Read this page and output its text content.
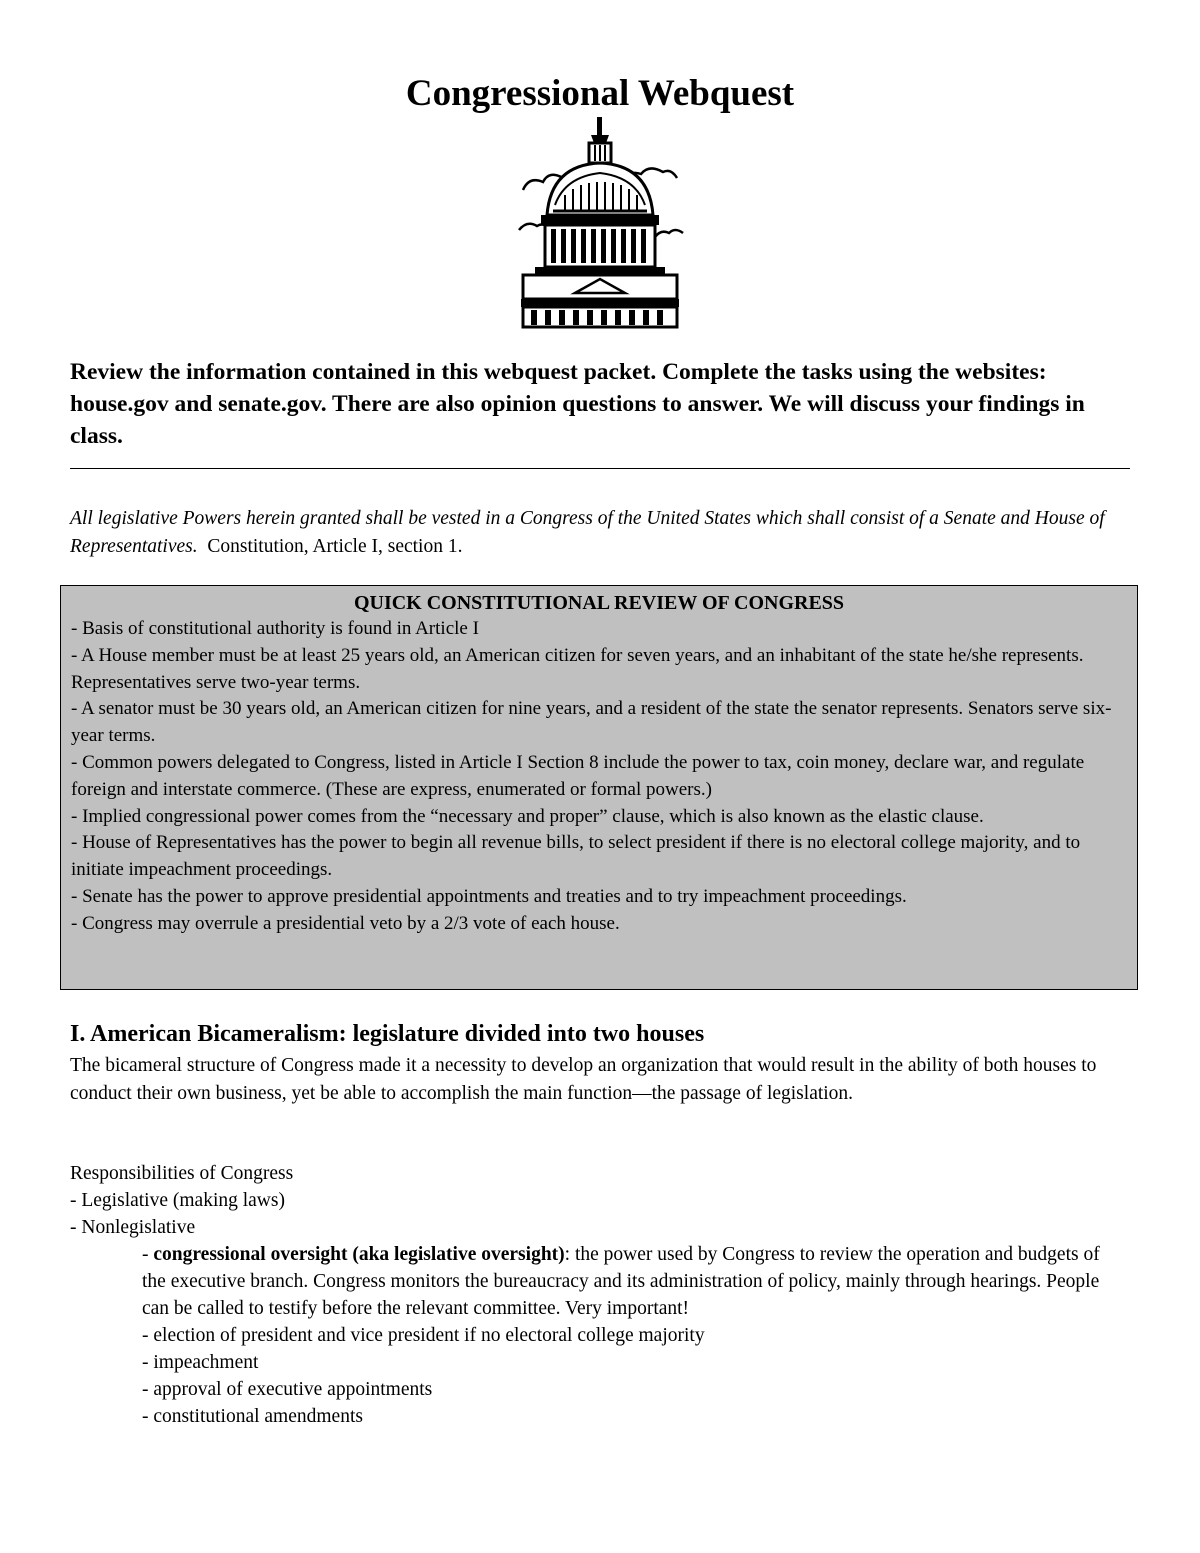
Congressional Webquest
Review the information contained in this webquest packet. Complete the tasks using the websites: house.gov and senate.gov. There are also opinion questions to answer. We will discuss your findings in class.
All legislative Powers herein granted shall be vested in a Congress of the United States which shall consist of a Senate and House of Representatives. Constitution, Article I, section 1.
QUICK CONSTITUTIONAL REVIEW OF CONGRESS
- Basis of constitutional authority is found in Article I
- A House member must be at least 25 years old, an American citizen for seven years, and an inhabitant of the state he/she represents. Representatives serve two-year terms.
- A senator must be 30 years old, an American citizen for nine years, and a resident of the state the senator represents. Senators serve six-year terms.
- Common powers delegated to Congress, listed in Article I Section 8 include the power to tax, coin money, declare war, and regulate foreign and interstate commerce. (These are express, enumerated or formal powers.)
- Implied congressional power comes from the “necessary and proper” clause, which is also known as the elastic clause.
- House of Representatives has the power to begin all revenue bills, to select president if there is no electoral college majority, and to initiate impeachment proceedings.
- Senate has the power to approve presidential appointments and treaties and to try impeachment proceedings.
- Congress may overrule a presidential veto by a 2/3 vote of each house.
I. American Bicameralism: legislature divided into two houses
The bicameral structure of Congress made it a necessity to develop an organization that would result in the ability of both houses to conduct their own business, yet be able to accomplish the main function—the passage of legislation.
Responsibilities of Congress
- Legislative (making laws)
- Nonlegislative
- congressional oversight (aka legislative oversight): the power used by Congress to review the operation and budgets of the executive branch. Congress monitors the bureaucracy and its administration of policy, mainly through hearings. People can be called to testify before the relevant committee. Very important!
- election of president and vice president if no electoral college majority
- impeachment
- approval of executive appointments
- constitutional amendments
